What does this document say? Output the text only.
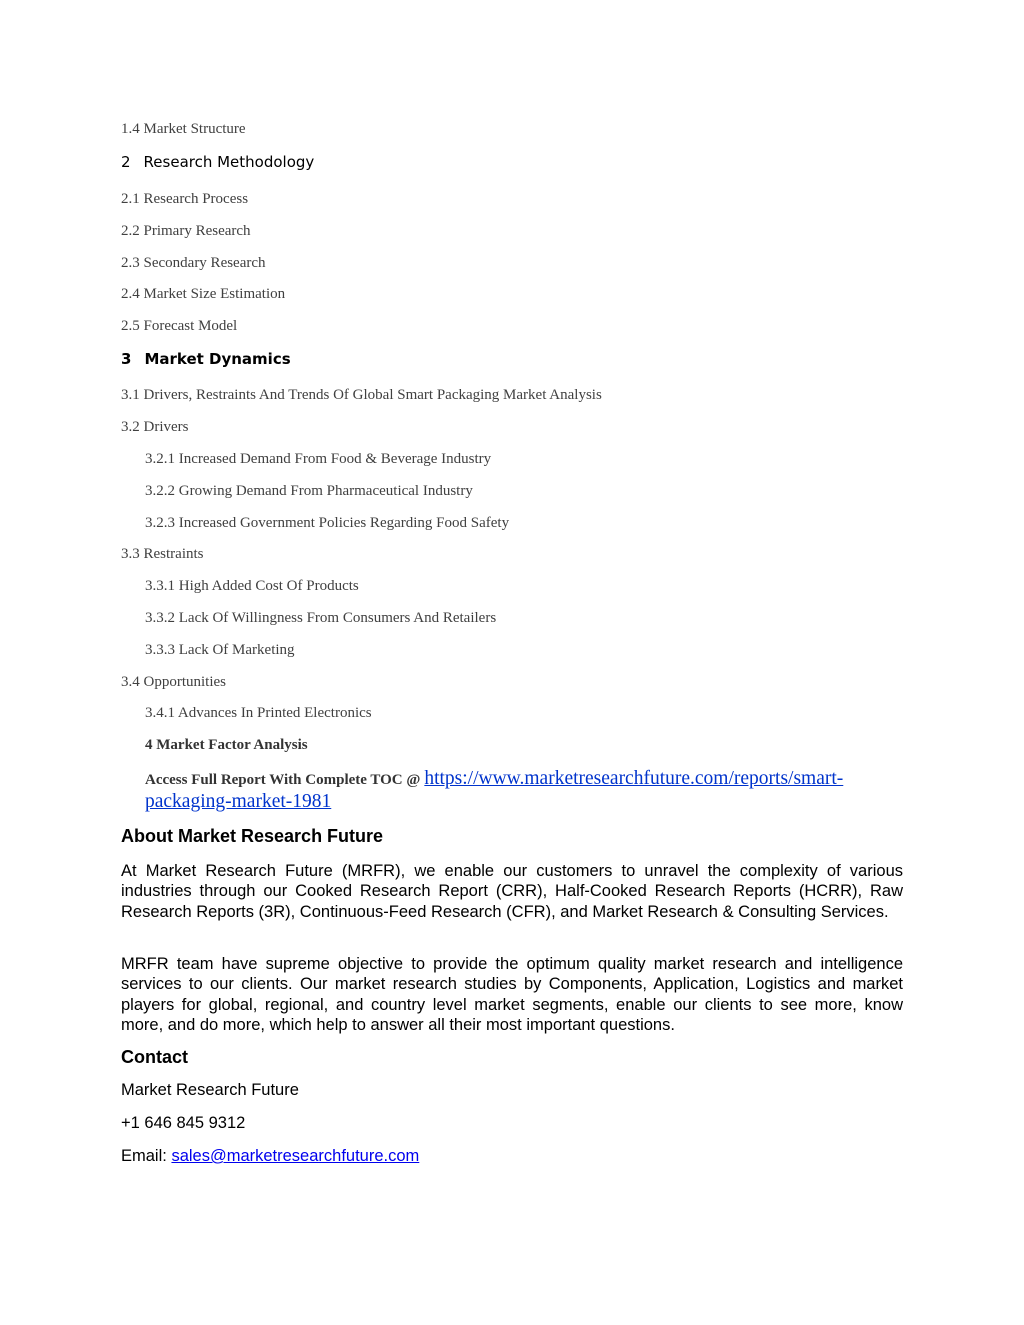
1.4 Market Structure
2 Research Methodology
2.1 Research Process
2.2 Primary Research
2.3 Secondary Research
2.4 Market Size Estimation
2.5 Forecast Model
3 Market Dynamics
3.1 Drivers, Restraints And Trends Of Global Smart Packaging Market Analysis
3.2 Drivers
3.2.1 Increased Demand From Food & Beverage Industry
3.2.2 Growing Demand From Pharmaceutical Industry
3.2.3 Increased Government Policies Regarding Food Safety
3.3 Restraints
3.3.1 High Added Cost Of Products
3.3.2 Lack Of Willingness From Consumers And Retailers
3.3.3 Lack Of Marketing
3.4 Opportunities
3.4.1 Advances In Printed Electronics
4 Market Factor Analysis
Access Full Report With Complete TOC @ https://www.marketresearchfuture.com/reports/smart-
packaging-market-1981
About Market Research Future

At Market Research Future (MRFR), we enable our customers to unravel the complexity of various industries through our Cooked Research Report (CRR), Half-Cooked Research Reports (HCRR), Raw Research Reports (3R), Continuous-Feed Research (CFR), and Market Research & Consulting Services.

MRFR team have supreme objective to provide the optimum quality market research and intelligence services to our clients. Our market research studies by Components, Application, Logistics and market players for global, regional, and country level market segments, enable our clients to see more, know more, and do more, which help to answer all their most important questions.

Contact
Market Research Future
+1 646 845 9312
Email: sales@marketresearchfuture.com
